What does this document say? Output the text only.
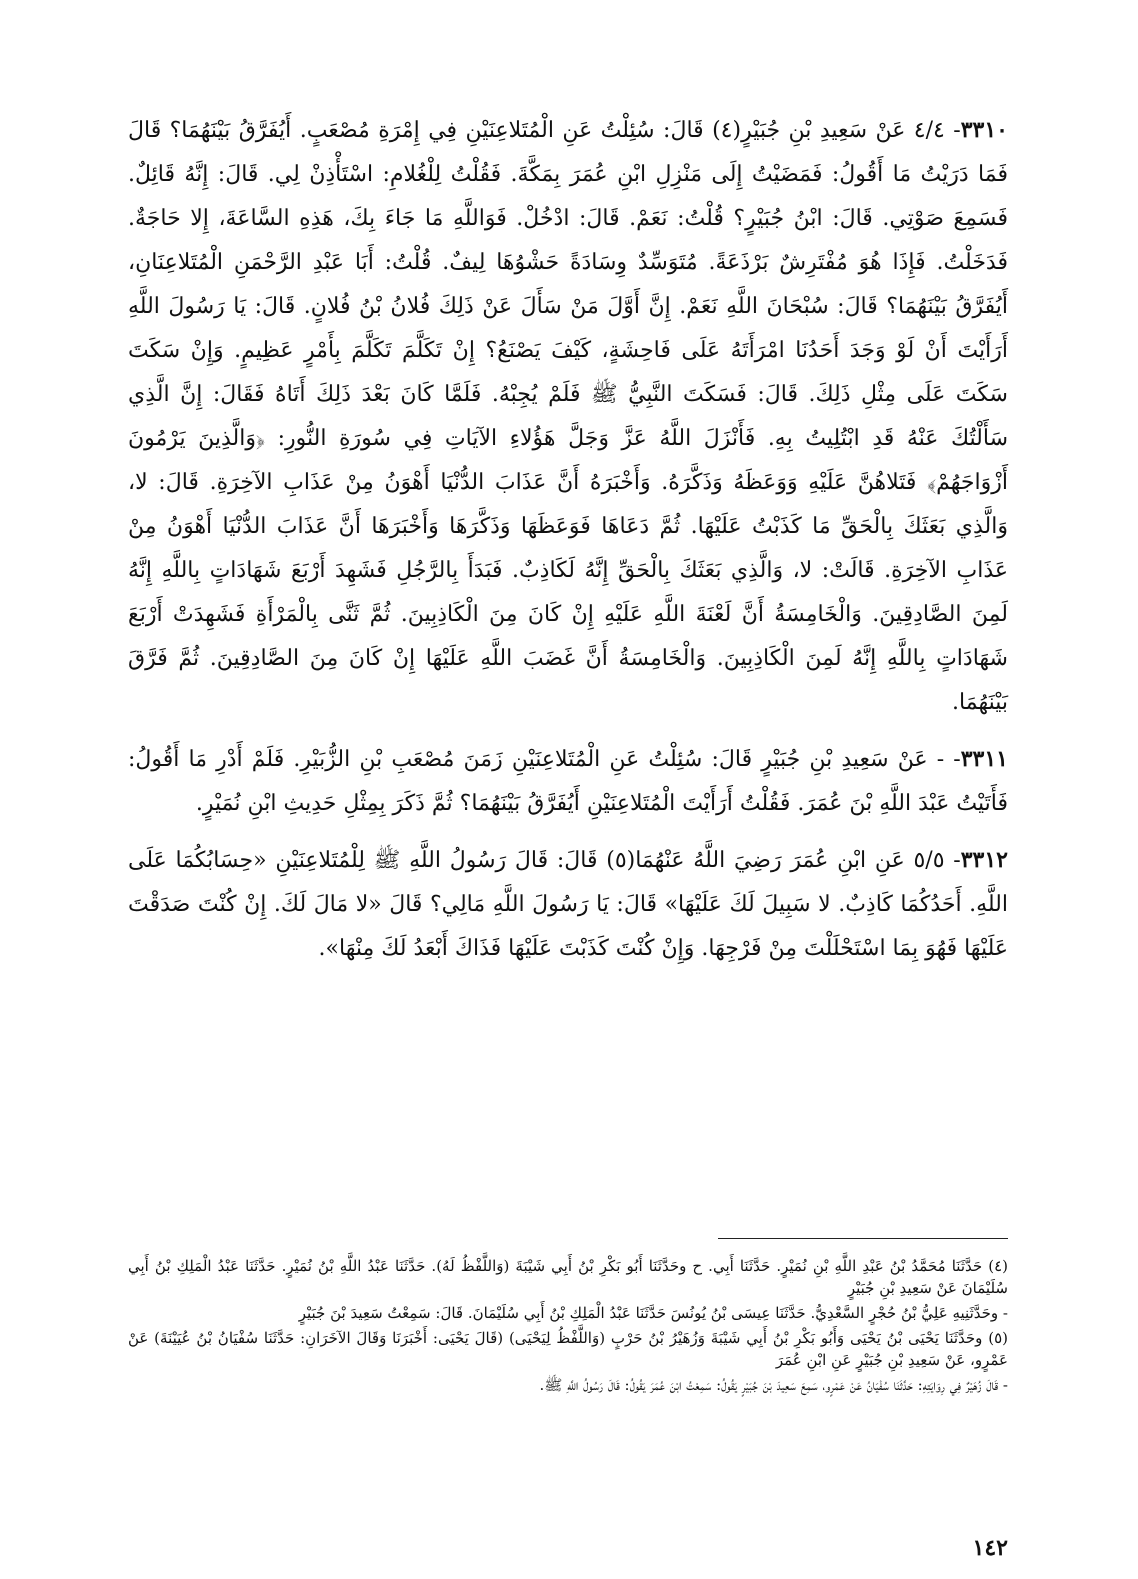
٣٣١٠- ٤/٤ عَنْ سَعِيدِ بْنِ جُبَيْرٍ(٤) قَالَ: سُئِلْتُ عَنِ الْمُتَلاعِنَيْنِ فِي إِمْرَةِ مُصْعَبٍ. أَيُفَرَّقُ بَيْنَهُمَا؟ قَالَ فَمَا دَرَيْتُ مَا أَقُولُ: فَمَضَيْتُ إِلَى مَنْزِلِ ابْنِ عُمَرَ بِمَكَّةَ. فَقُلْتُ لِلْغُلامِ: اسْتَأْذِنْ لِي. قَالَ: إِنَّهُ قَائِلٌ. فَسَمِعَ صَوْتِي. قَالَ: ابْنُ جُبَيْرٍ؟ قُلْتُ: نَعَمْ. قَالَ: ادْخُلْ. فَوَاللَّهِ مَا جَاءَ بِكَ، هَذِهِ السَّاعَةَ، إِلا حَاجَةٌ. فَدَخَلْتُ. فَإِذَا هُوَ مُفْتَرِشٌ بَرْذَعَةً. مُتَوَسِّدٌ وِسَادَةً حَشْوُهَا لِيفٌ. قُلْتُ: أَبَا عَبْدِ الرَّحْمَنِ الْمُتَلاعِنَانِ، أَيُفَرَّقُ بَيْنَهُمَا؟ قَالَ: سُبْحَانَ اللَّهِ نَعَمْ. إِنَّ أَوَّلَ مَنْ سَأَلَ عَنْ ذَلِكَ فُلانُ بْنُ فُلانٍ. قَالَ: يَا رَسُولَ اللَّهِ أَرَأَيْتَ أَنْ لَوْ وَجَدَ أَحَدُنَا امْرَأَتَهُ عَلَى فَاحِشَةٍ، كَيْفَ يَصْنَعُ؟ إِنْ تَكَلَّمَ تَكَلَّمَ بِأَمْرٍ عَظِيمٍ. وَإِنْ سَكَتَ سَكَتَ عَلَى مِثْلِ ذَلِكَ. قَالَ: فَسَكَتَ النَّبِيُّ ﷺ فَلَمْ يُجِبْهُ. فَلَمَّا كَانَ بَعْدَ ذَلِكَ أَتَاهُ فَقَالَ: إِنَّ الَّذِي سَأَلْتُكَ عَنْهُ قَدِ ابْتُلِيتُ بِهِ. فَأَنْزَلَ اللَّهُ عَزَّ وَجَلَّ هَؤُلاءِ الآيَاتِ فِي سُورَةِ النُّورِ: ﴿وَالَّذِينَ يَرْمُونَ أَزْوَاجَهُمْ﴾ فَتَلاهُنَّ عَلَيْهِ وَوَعَظَهُ وَذَكَّرَهُ. وَأَخْبَرَهُ أَنَّ عَذَابَ الدُّنْيَا أَهْوَنُ مِنْ عَذَابِ الآخِرَةِ. قَالَ: لا، وَالَّذِي بَعَثَكَ بِالْحَقِّ مَا كَذَبْتُ عَلَيْهَا. ثُمَّ دَعَاهَا فَوَعَظَهَا وَذَكَّرَهَا وَأَخْبَرَهَا أَنَّ عَذَابَ الدُّنْيَا أَهْوَنُ مِنْ عَذَابِ الآخِرَةِ. قَالَتْ: لا، وَالَّذِي بَعَثَكَ بِالْحَقِّ إِنَّهُ لَكَاذِبٌ. فَبَدَأَ بِالرَّجُلِ فَشَهِدَ أَرْبَعَ شَهَادَاتٍ بِاللَّهِ إِنَّهُ لَمِنَ الصَّادِقِينَ. وَالْخَامِسَةُ أَنَّ لَعْنَةَ اللَّهِ عَلَيْهِ إِنْ كَانَ مِنَ الْكَاذِبِينَ. ثُمَّ ثَنَّى بِالْمَرْأَةِ فَشَهِدَتْ أَرْبَعَ شَهَادَاتٍ بِاللَّهِ إِنَّهُ لَمِنَ الْكَاذِبِينَ. وَالْخَامِسَةُ أَنَّ غَضَبَ اللَّهِ عَلَيْهَا إِنْ كَانَ مِنَ الصَّادِقِينَ. ثُمَّ فَرَّقَ بَيْنَهُمَا.

٣٣١١- - عَنْ سَعِيدِ بْنِ جُبَيْرٍ قَالَ: سُئِلْتُ عَنِ الْمُتَلاعِنَيْنِ زَمَنَ مُصْعَبِ بْنِ الزُّبَيْرِ. فَلَمْ أَدْرِ مَا أَقُولُ: فَأَتَيْتُ عَبْدَ اللَّهِ بْنَ عُمَرَ. فَقُلْتُ أَرَأَيْتَ الْمُتَلاعِنَيْنِ أَيُفَرَّقُ بَيْنَهُمَا؟ ثُمَّ ذَكَرَ بِمِثْلِ حَدِيثِ ابْنِ نُمَيْرٍ.

٣٣١٢- ٥/٥ عَنِ ابْنِ عُمَرَ رَضِيَ اللَّهُ عَنْهُمَا(٥) قَالَ: قَالَ رَسُولُ اللَّهِ ﷺ لِلْمُتَلاعِنَيْنِ «حِسَابُكُمَا عَلَى اللَّهِ. أَحَدُكُمَا كَاذِبٌ. لا سَبِيلَ لَكَ عَلَيْهَا» قَالَ: يَا رَسُولَ اللَّهِ مَالِي؟ قَالَ «لا مَالَ لَكَ. إِنْ كُنْتَ صَدَقْتَ عَلَيْهَا فَهُوَ بِمَا اسْتَحْلَلْتَ مِنْ فَرْجِهَا. وَإِنْ كُنْتَ كَذَبْتَ عَلَيْهَا فَذَاكَ أَبْعَدُ لَكَ مِنْهَا».

(٤) حَدَّثَنَا مُحَمَّدُ بْنُ عَبْدِ اللَّهِ بْنِ نُمَيْرٍ. حَدَّثَنَا أَبِي. ح وحَدَّثَنَا أَبُو بَكْرِ بْنُ أَبِي شَيْبَةَ (وَاللَّفْظُ لَهُ). حَدَّثَنَا عَبْدُ اللَّهِ بْنُ نُمَيْرٍ. حَدَّثَنَا عَبْدُ الْمَلِكِ بْنُ أَبِي سُلَيْمَانَ عَنْ سَعِيدِ بْنِ جُبَيْرٍ

- وحَدَّثَنِيهِ عَلِيُّ بْنُ حُجْرٍ السَّعْدِيُّ. حَدَّثَنَا عِيسَى بْنُ يُونُسَ حَدَّثَنَا عَبْدُ الْمَلِكِ بْنُ أَبِي سُلَيْمَانَ. قَالَ: سَمِعْتُ سَعِيدَ بْنَ جُبَيْرٍ

(٥) وحَدَّثَنَا يَحْيَى بْنُ يَحْيَى وَأَبُو بَكْرِ بْنُ أَبِي شَيْبَةَ وَزُهَيْرُ بْنُ حَرْبٍ (وَاللَّفْظُ لِيَحْيَى) (قَالَ يَحْيَى: أَخْبَرَنَا وَقَالَ الآخَرَانِ: حَدَّثَنَا سُفْيَانُ بْنُ عُيَيْنَةَ) عَنْ عَمْرٍو، عَنْ سَعِيدِ بْنِ جُبَيْرٍ عَنِ ابْنِ عُمَرَ

- قَالَ زُهَيْرٌ فِي رِوَايَتِهِ: حَدَّثَنَا سُفْيَانُ عَنْ عَمْرٍو، سَمِعَ سَعِيدَ بْنَ جُبَيْرٍ يَقُولُ: سَمِعْتُ ابْنَ عُمَرَ يَقُولُ: قَالَ رَسُولُ اللَّهِ ﷺ.

١٤٢
